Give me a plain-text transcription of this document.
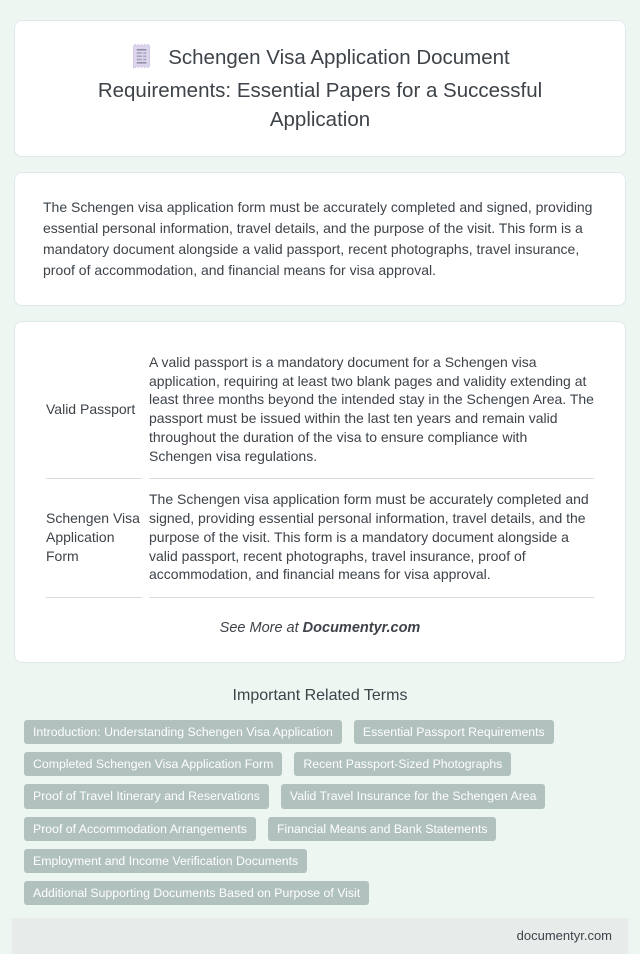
Schengen Visa Application Document Requirements: Essential Papers for a Successful Application

The Schengen visa application form must be accurately completed and signed, providing essential personal information, travel details, and the purpose of the visit. This form is a mandatory document alongside a valid passport, recent photographs, travel insurance, proof of accommodation, and financial means for visa approval.

Valid Passport	A valid passport is a mandatory document for a Schengen visa application, requiring at least two blank pages and validity extending at least three months beyond the intended stay in the Schengen Area. The passport must be issued within the last ten years and remain valid throughout the duration of the visa to ensure compliance with Schengen visa regulations.
Schengen Visa Application Form	The Schengen visa application form must be accurately completed and signed, providing essential personal information, travel details, and the purpose of the visit. This form is a mandatory document alongside a valid passport, recent photographs, travel insurance, proof of accommodation, and financial means for visa approval.
See More at Documentyr.com
Important Related Terms
Introduction: Understanding Schengen Visa Application	Essential Passport Requirements
Completed Schengen Visa Application Form	Recent Passport-Sized Photographs
Proof of Travel Itinerary and Reservations	Valid Travel Insurance for the Schengen Area
Proof of Accommodation Arrangements	Financial Means and Bank Statements
Employment and Income Verification Documents
Additional Supporting Documents Based on Purpose of Visit
documentyr.com
